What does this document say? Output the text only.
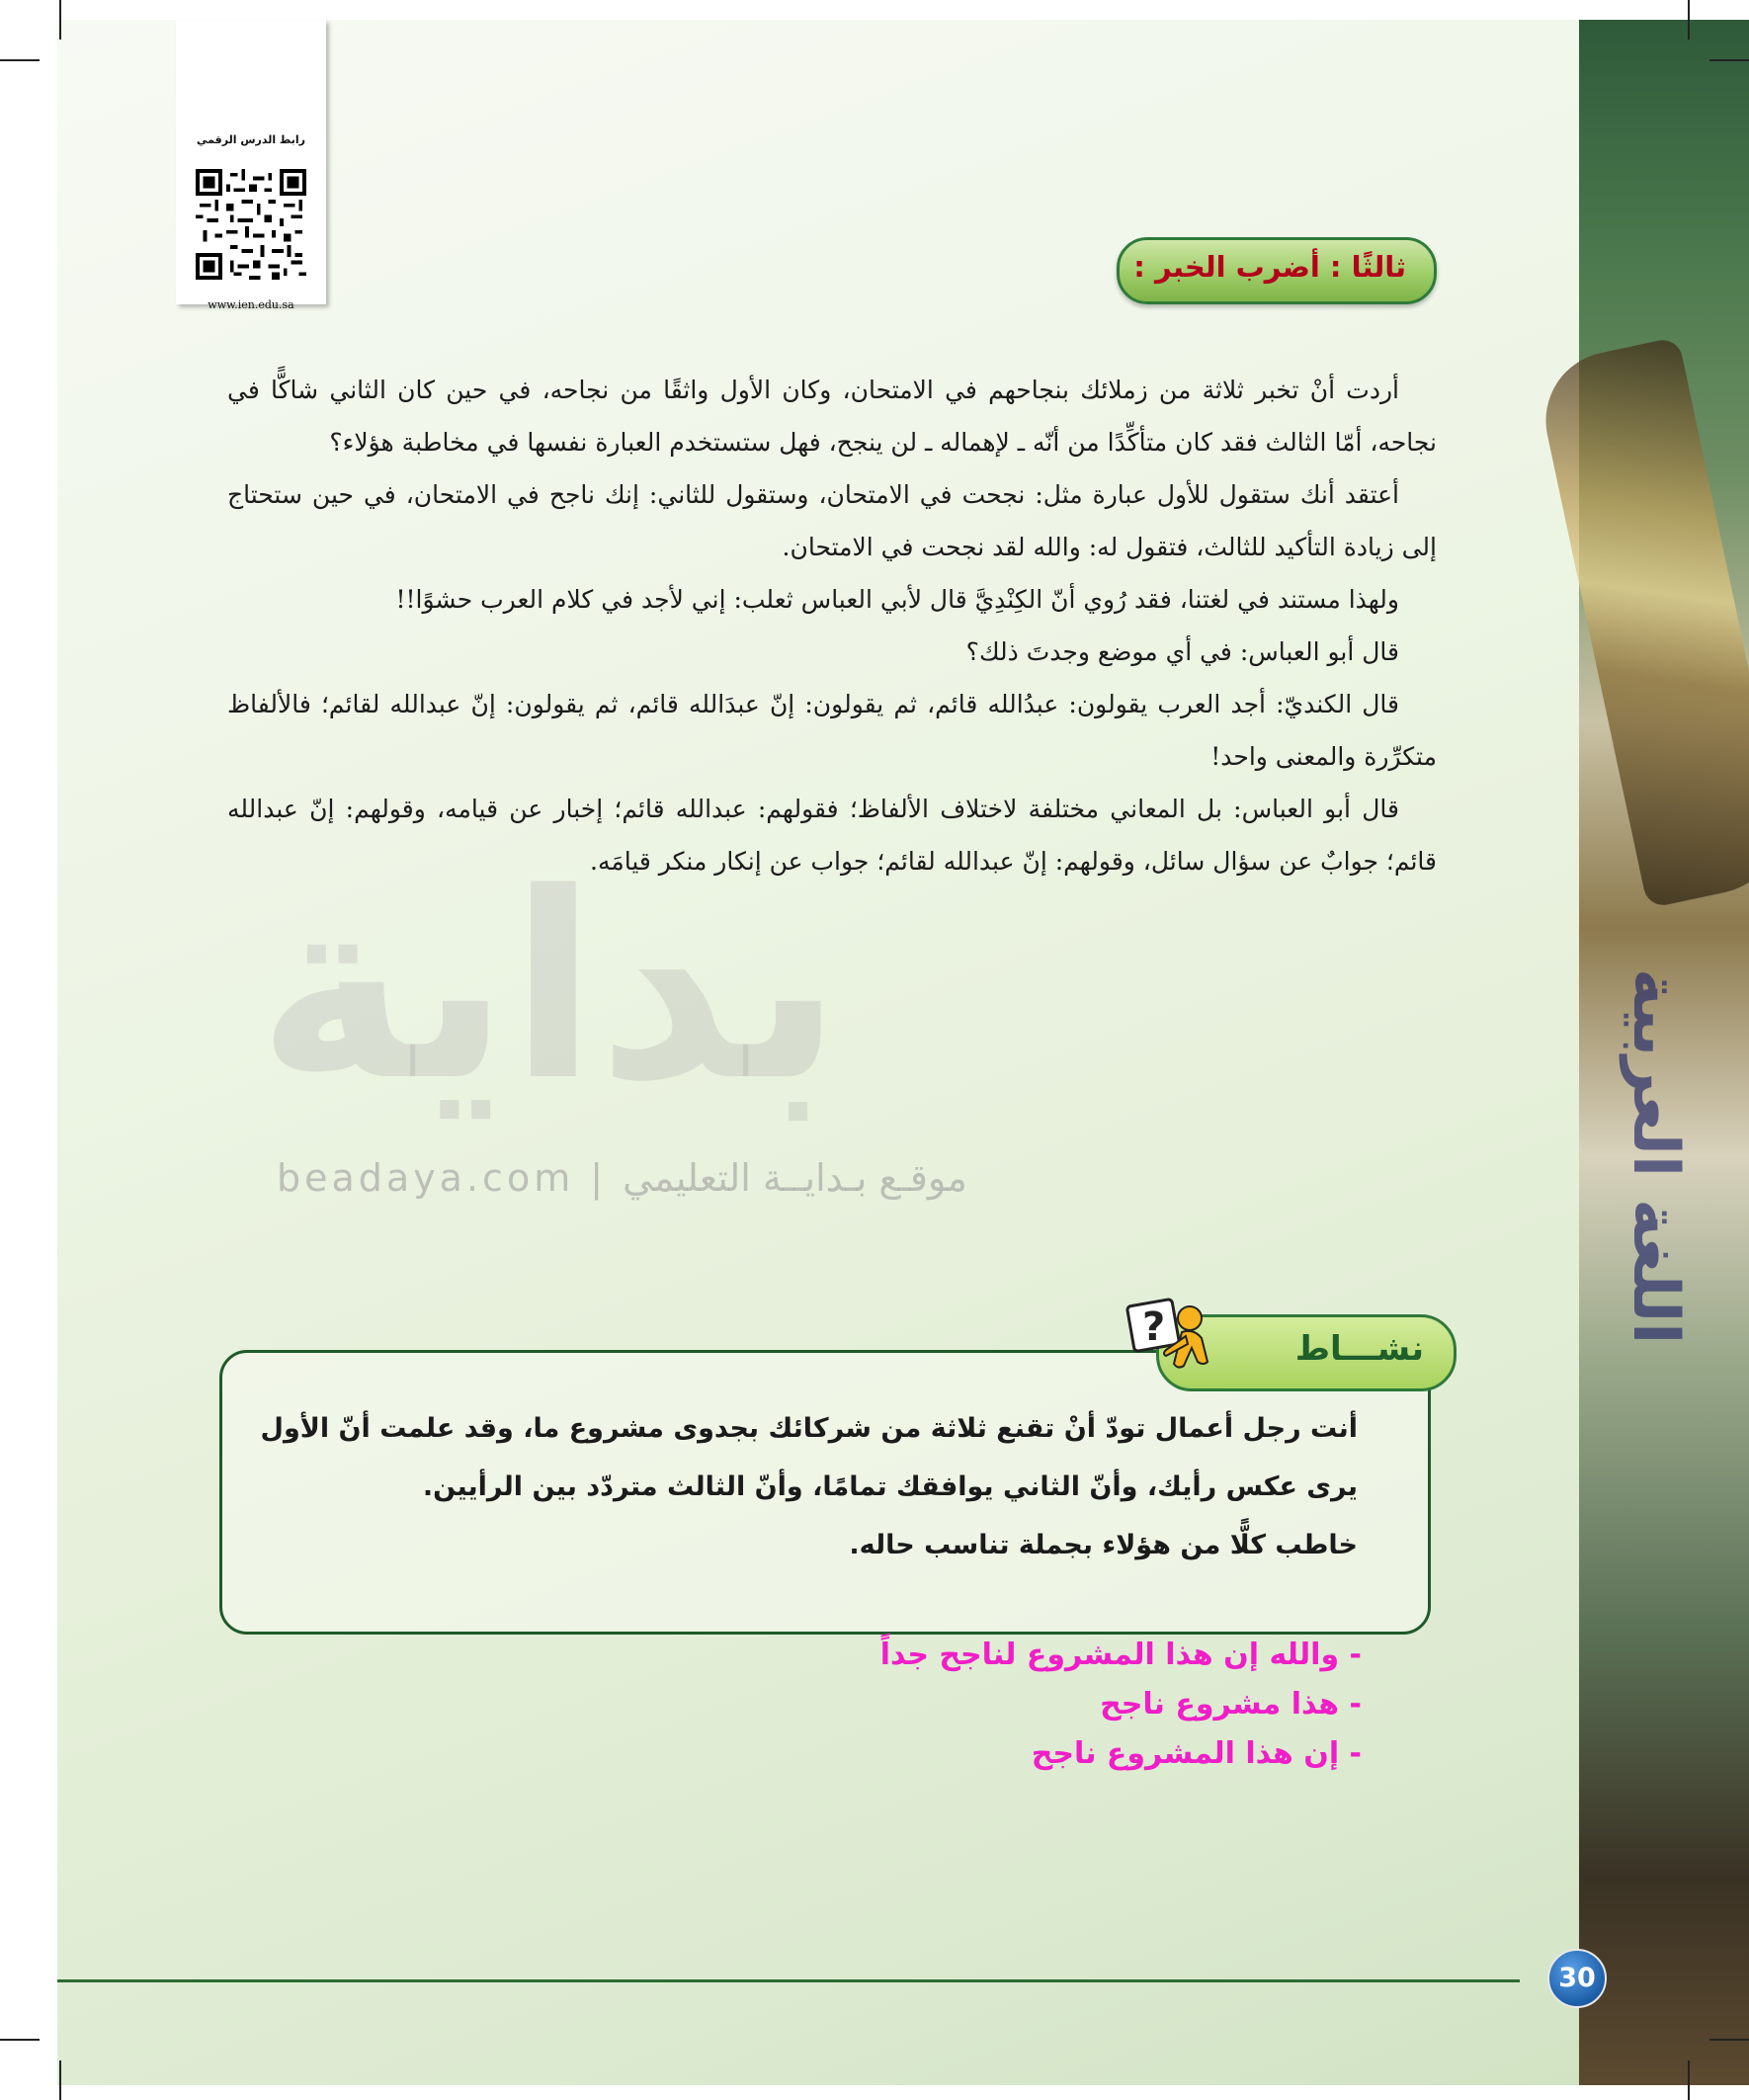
اللغة العربية
رابط الدرس الرقمي
www.ien.edu.sa
ثالثًا : أضرب الخبر :
بداية
beadaya.com | موقـع بـدايــة التعليمي

أردت أنْ تخبر ثلاثة من زملائك بنجاحهم في الامتحان، وكان الأول واثقًا من نجاحه، في حين كان الثاني شاكًّا في نجاحه، أمّا الثالث فقد كان متأكِّدًا من أنّه ـ لإهماله ـ لن ينجح، فهل ستستخدم العبارة نفسها في مخاطبة هؤلاء؟

أعتقد أنك ستقول للأول عبارة مثل: نجحت في الامتحان، وستقول للثاني: إنك ناجح في الامتحان، في حين ستحتاج إلى زيادة التأكيد للثالث، فتقول له: والله لقد نجحت في الامتحان.

ولهذا مستند في لغتنا، فقد رُوي أنّ الكِنْدِيَّ قال لأبي العباس ثعلب: إني لأجد في كلام العرب حشوًا!!

قال أبو العباس: في أي موضع وجدتَ ذلك؟

قال الكنديّ: أجد العرب يقولون: عبدُالله قائم، ثم يقولون: إنّ عبدَالله قائم، ثم يقولون: إنّ عبدالله لقائم؛ فالألفاظ متكرِّرة والمعنى واحد!

قال أبو العباس: بل المعاني مختلفة لاختلاف الألفاظ؛ فقولهم: عبدالله قائم؛ إخبار عن قيامه، وقولهم: إنّ عبدالله قائم؛ جوابٌ عن سؤال سائل، وقولهم: إنّ عبدالله لقائم؛ جواب عن إنكار منكر قيامَه.

نشـــاط
?

أنت رجل أعمال تودّ أنْ تقنع ثلاثة من شركائك بجدوى مشروع ما، وقد علمت أنّ الأول

يرى عكس رأيك، وأنّ الثاني يوافقك تمامًا، وأنّ الثالث متردّد بين الرأيين.

خاطب كلًّا من هؤلاء بجملة تناسب حاله.

- والله إن هذا المشروع لناجح جداً

- هذا مشروع ناجح

- إن هذا المشروع ناجح

30
